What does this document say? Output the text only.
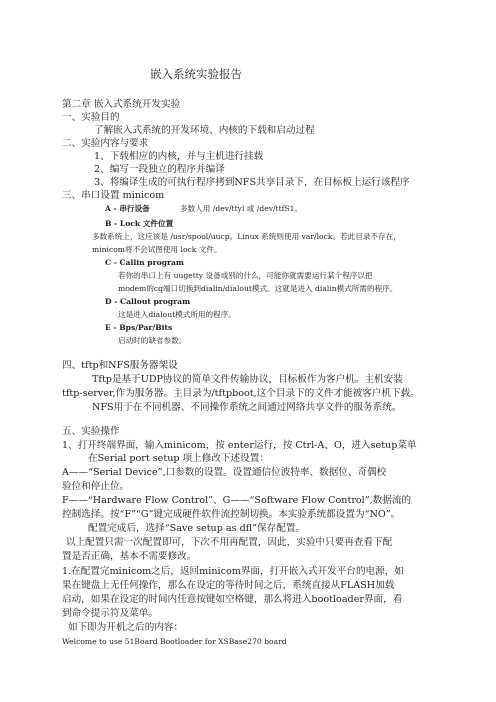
嵌入系统实验报告
第二章 嵌入式系统开发实验
一、实验目的
了解嵌入式系统的开发环境、内核的下载和启动过程
二、实验内容与要求
1、下载相应的内核，并与主机进行挂载
2、编写一段独立的程序并编译
3、将编译生成的可执行程序拷到NFS共享目录下，在目标板上运行该程序
三、串口设置 minicom
A - 串行设备	多数人用 /dev/ttyl 或 /dev/ttfS1。
B - Lock 文件位置
多数系统上，这应该是 /usr/spool/uucp。Linux 系统则使用 var/lock。若此目录不存在，
minicom将不会试图使用 lock 文件。
C - Callin program
若你的串口上有 uugetty 设备或别的什么，可能你就需要运行某个程序以把
modem的cq端口切换到dialin/dialout模式。这就是进入 dialin模式所需的程序。
D - Callout program
这是进入dialout模式所用的程序。
E - Bps/Par/Bits
启动时的缺省参数。
四、tftp和NFS服务器架设
Tftp是基于UDP协议的简单文件传输协议，目标板作为客户机。主机安装
tftp-server,作为服务器。主目录为/tftpboot,这个目录下的文件才能被客户机下载。
NFS用于在不同机器、不同操作系统之间通过网络共享文件的服务系统。
五、实验操作
1、打开终端界面，输入minicom，按 enter运行，按 Ctrl-A、O，进入setup菜单
在Serial port setup 项上修改下述设置：
A——“Serial Device”,口参数的设置。设置通信位波特率、数据位、奇偶校
验位和停止位。
F——“Hardware Flow Control”、G——“Software Flow Control”,数据流的
控制选择。按“F”“G”键完成硬件软件流控制切换。本实验系统都设置为“NO”。
配置完成后，选择“Save setup as dfl”保存配置。
以上配置只需一次配置即可，下次不用再配置，因此，实验中只要再查看下配
置是否正确，基本不需要修改。
1.在配置完minicom之后，返回minicom界面，打开嵌入式开发平台的电源，如
果在键盘上无任何操作，那么在设定的等待时间之后，系统直接从FLASH加载
启动，如果在设定的时间内任意按键如空格键，那么将进入bootloader界面，看
到命令提示符及菜单。
如下即为开机之后的内容：
Welcome to use 51Board Bootloader for XSBase270 board
